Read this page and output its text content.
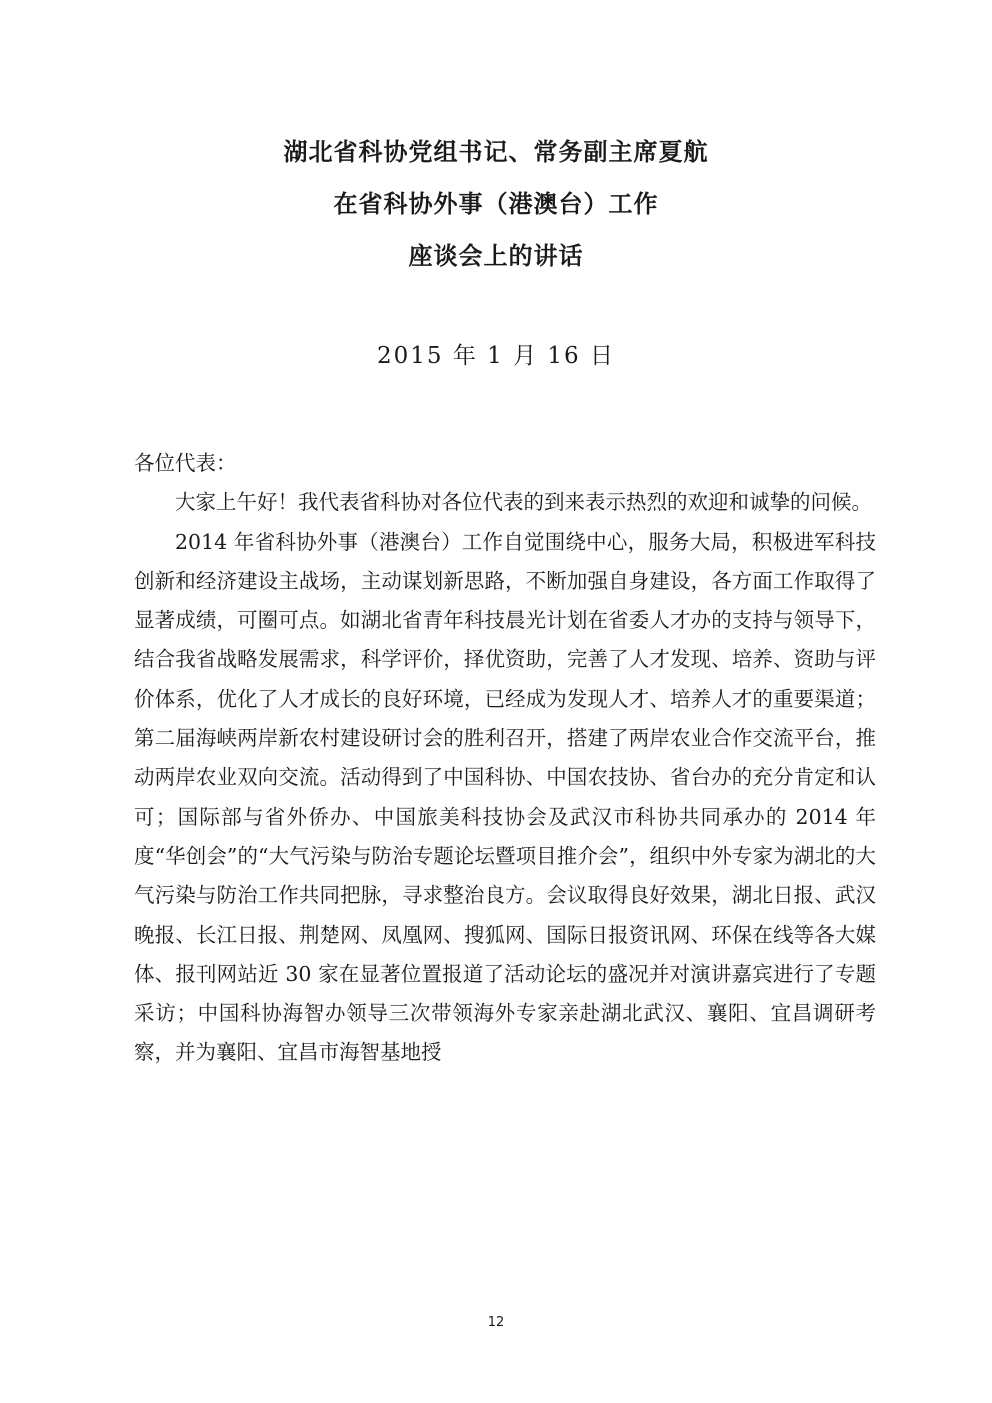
湖北省科协党组书记、常务副主席夏航
在省科协外事（港澳台）工作
座谈会上的讲话
2015 年 1 月 16 日

各位代表：

大家上午好！我代表省科协对各位代表的到来表示热烈的欢迎和诚挚的问候。

2014 年省科协外事（港澳台）工作自觉围绕中心，服务大局，积极进军科技创新和经济建设主战场，主动谋划新思路，不断加强自身建设，各方面工作取得了显著成绩，可圈可点。如湖北省青年科技晨光计划在省委人才办的支持与领导下，结合我省战略发展需求，科学评价，择优资助，完善了人才发现、培养、资助与评价体系，优化了人才成长的良好环境，已经成为发现人才、培养人才的重要渠道；第二届海峡两岸新农村建设研讨会的胜利召开，搭建了两岸农业合作交流平台，推动两岸农业双向交流。活动得到了中国科协、中国农技协、省台办的充分肯定和认可；国际部与省外侨办、中国旅美科技协会及武汉市科协共同承办的 2014 年度“华创会”的“大气污染与防治专题论坛暨项目推介会”，组织中外专家为湖北的大气污染与防治工作共同把脉，寻求整治良方。会议取得良好效果，湖北日报、武汉晚报、长江日报、荆楚网、凤凰网、搜狐网、国际日报资讯网、环保在线等各大媒体、报刊网站近 30 家在显著位置报道了活动论坛的盛况并对演讲嘉宾进行了专题采访；中国科协海智办领导三次带领海外专家亲赴湖北武汉、襄阳、宜昌调研考察，并为襄阳、宜昌市海智基地授

12
